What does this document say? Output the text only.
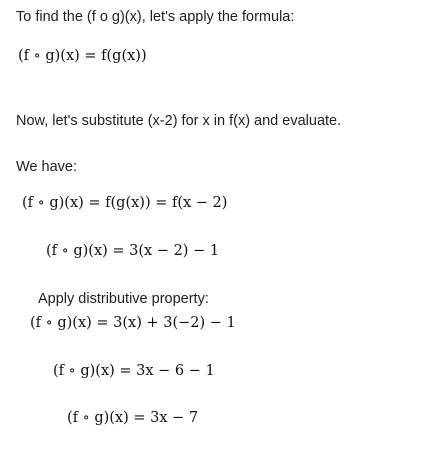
To find the (f o g)(x), let's apply the formula:
(f ∘ g)(x) = f(g(x))
Now, let's substitute (x-2) for x in f(x) and evaluate.
We have:
(f ∘ g)(x) = f(g(x)) = f(x − 2)
(f ∘ g)(x) = 3(x − 2) − 1
Apply distributive property:
(f ∘ g)(x) = 3(x) + 3(−2) − 1
(f ∘ g)(x) = 3x − 6 − 1
(f ∘ g)(x) = 3x − 7
